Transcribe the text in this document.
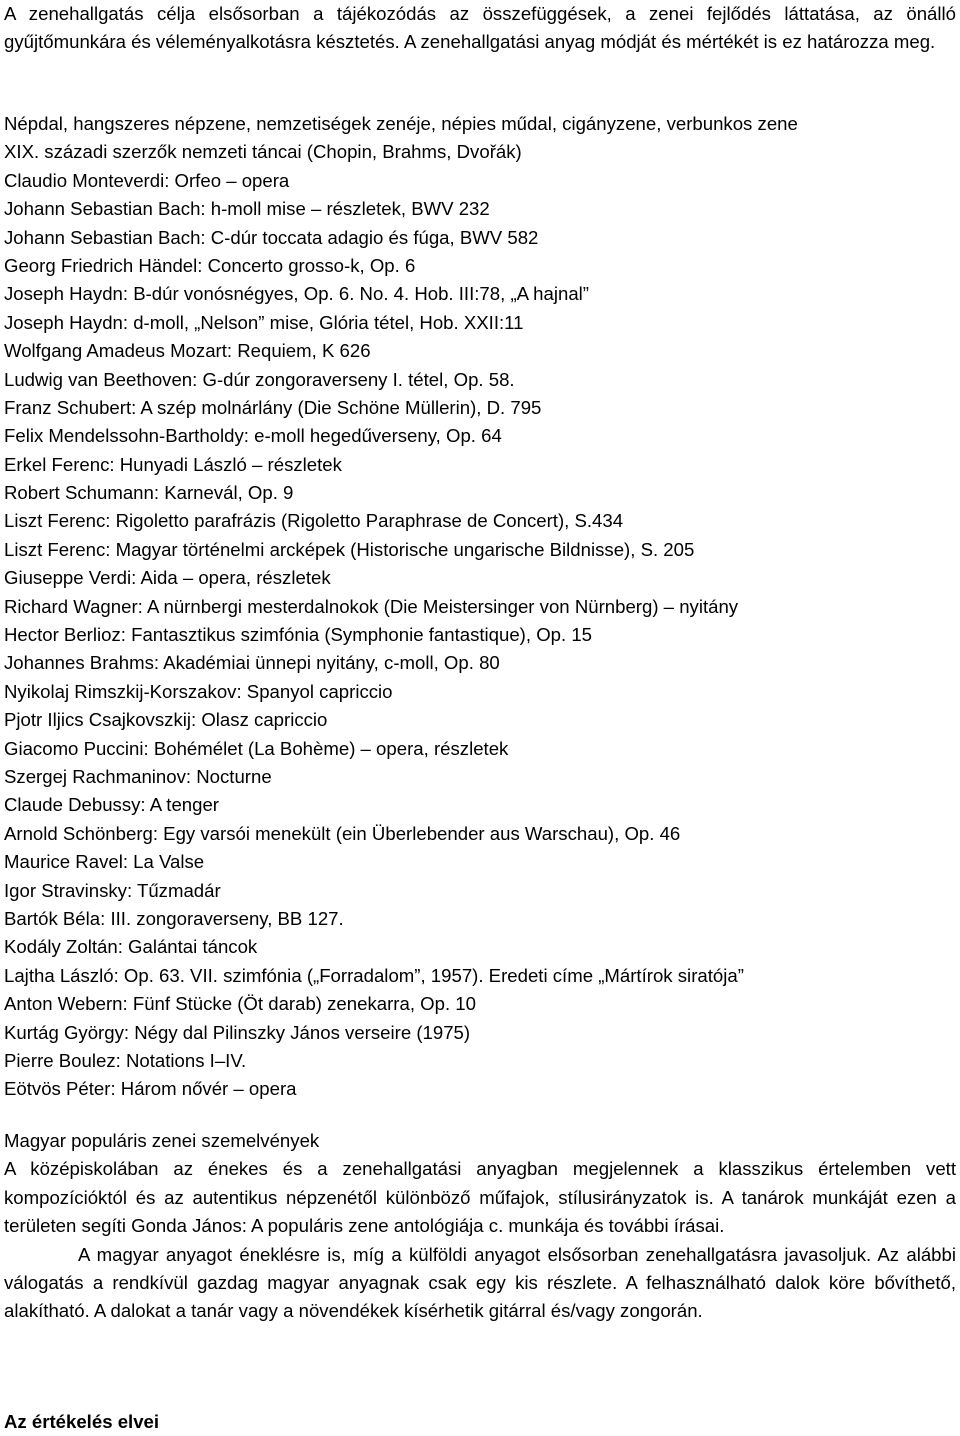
A zenehallgatás célja elsősorban a tájékozódás az összefüggések, a zenei fejlődés láttatása, az önálló gyűjtőmunkára és véleményalkotásra késztetés. A zenehallgatási anyag módját és mértékét is ez határozza meg.

Népdal, hangszeres népzene, nemzetiségek zenéje, népies műdal, cigányzene, verbunkos zene
XIX. századi szerzők nemzeti táncai (Chopin, Brahms, Dvořák)
Claudio Monteverdi: Orfeo – opera
Johann Sebastian Bach: h-moll mise – részletek, BWV 232
Johann Sebastian Bach: C-dúr toccata adagio és fúga, BWV 582
Georg Friedrich Händel: Concerto grosso-k, Op. 6
Joseph Haydn: B-dúr vonósnégyes, Op. 6. No. 4. Hob. III:78, „A hajnal”
Joseph Haydn: d-moll, „Nelson” mise, Glória tétel, Hob. XXII:11
Wolfgang Amadeus Mozart: Requiem, K 626
Ludwig van Beethoven: G-dúr zongoraverseny I. tétel, Op. 58.
Franz Schubert: A szép molnárlány (Die Schöne Müllerin), D. 795
Felix Mendelssohn-Bartholdy: e-moll hegedűverseny, Op. 64
Erkel Ferenc: Hunyadi László – részletek
Robert Schumann: Karnevál, Op. 9
Liszt Ferenc: Rigoletto parafrázis (Rigoletto Paraphrase de Concert), S.434
Liszt Ferenc: Magyar történelmi arcképek (Historische ungarische Bildnisse), S. 205
Giuseppe Verdi: Aida – opera, részletek
Richard Wagner: A nürnbergi mesterdalnokok (Die Meistersinger von Nürnberg) – nyitány
Hector Berlioz: Fantasztikus szimfónia (Symphonie fantastique), Op. 15
Johannes Brahms: Akadémiai ünnepi nyitány, c-moll, Op. 80
Nyikolaj Rimszkij-Korszakov: Spanyol capriccio
Pjotr Iljics Csajkovszkij: Olasz capriccio
Giacomo Puccini: Bohémélet (La Bohème) – opera, részletek
Szergej Rachmaninov: Nocturne
Claude Debussy: A tenger
Arnold Schönberg: Egy varsói menekült (ein Überlebender aus Warschau), Op. 46
Maurice Ravel: La Valse
Igor Stravinsky: Tűzmadár
Bartók Béla: III. zongoraverseny, BB 127.
Kodály Zoltán: Galántai táncok
Lajtha László: Op. 63. VII. szimfónia („Forradalom”, 1957). Eredeti címe „Mártírok siratója”
Anton Webern: Fünf Stücke (Öt darab) zenekarra, Op. 10
Kurtág György: Négy dal Pilinszky János verseire (1975)
Pierre Boulez: Notations I–IV.
Eötvös Péter: Három nővér – opera
Magyar populáris zenei szemelvények

A középiskolában az énekes és a zenehallgatási anyagban megjelennek a klasszikus értelemben vett kompozícióktól és az autentikus népzenétől különböző műfajok, stílusirányzatok is. A tanárok munkáját ezen a területen segíti Gonda János: A populáris zene antológiája c. munkája és további írásai.

A magyar anyagot éneklésre is, míg a külföldi anyagot elsősorban zenehallgatásra javasoljuk. Az alábbi válogatás a rendkívül gazdag magyar anyagnak csak egy kis részlete. A felhasználható dalok köre bővíthető, alakítható. A dalokat a tanár vagy a növendékek kísérhetik gitárral és/vagy zongorán.

Az értékelés elvei
